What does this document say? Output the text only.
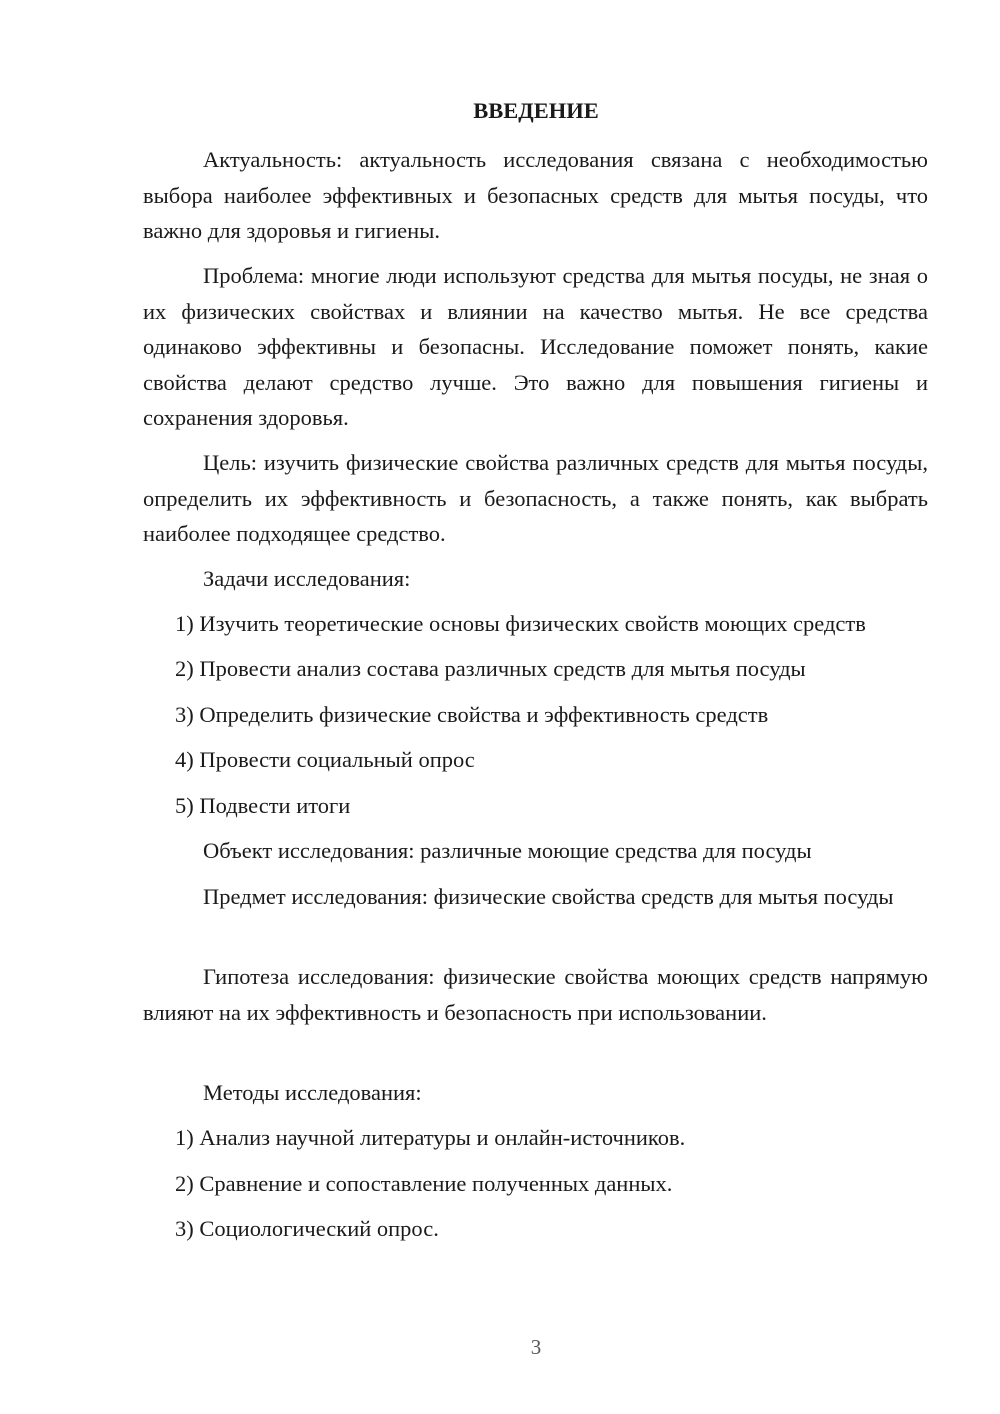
ВВЕДЕНИЕ

Актуальность: актуальность исследования связана с необходимостью выбора наиболее эффективных и безопасных средств для мытья посуды, что важно для здоровья и гигиены.

Проблема: многие люди используют средства для мытья посуды, не зная о их физических свойствах и влиянии на качество мытья. Не все средства одинаково эффективны и безопасны. Исследование поможет понять, какие свойства делают средство лучше. Это важно для повышения гигиены и сохранения здоровья.

Цель: изучить физические свойства различных средств для мытья посуды, определить их эффективность и безопасность, а также понять, как выбрать наиболее подходящее средство.

Задачи исследования:

1) Изучить теоретические основы физических свойств моющих средств

2) Провести анализ состава различных средств для мытья посуды

3) Определить физические свойства и эффективность средств

4) Провести социальный опрос

5) Подвести итоги

Объект исследования: различные моющие средства для посуды

Предмет исследования: физические свойства средств для мытья посуды

Гипотеза исследования: физические свойства моющих средств напрямую влияют на их эффективность и безопасность при использовании.

Методы исследования:

1) Анализ научной литературы и онлайн-источников.

2) Сравнение и сопоставление полученных данных.

3) Социологический опрос.

3
